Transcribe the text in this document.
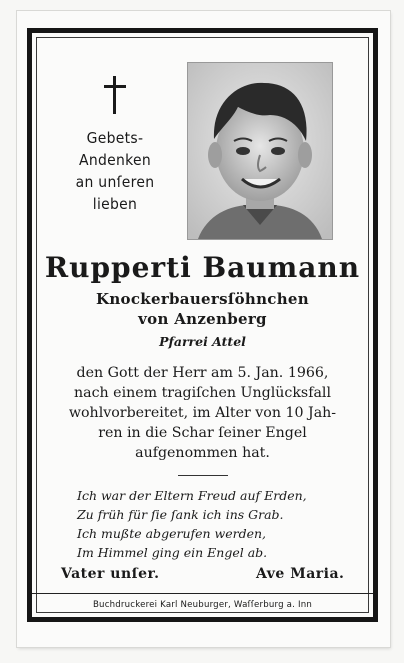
Gebets-
Andenken
an unſeren
lieben
Rupperti Baumann
Knockerbauersſöhnchen
von Anzenberg
Pfarrei Attel
den Gott der Herr am 5. Jan. 1966,
nach einem tragiſchen Unglücksfall
wohlvorbereitet, im Alter von 10 Jah-
ren in die Schar ſeiner Engel
aufgenommen hat.
Ich war der Eltern Freud auf Erden,
Zu früh für ſie ſank ich ins Grab.
Ich mußte abgerufen werden,
Im Himmel ging ein Engel ab.
Vater unſer.	Ave Maria.
Buchdruckerei Karl Neuburger, Waſſerburg a. Inn
